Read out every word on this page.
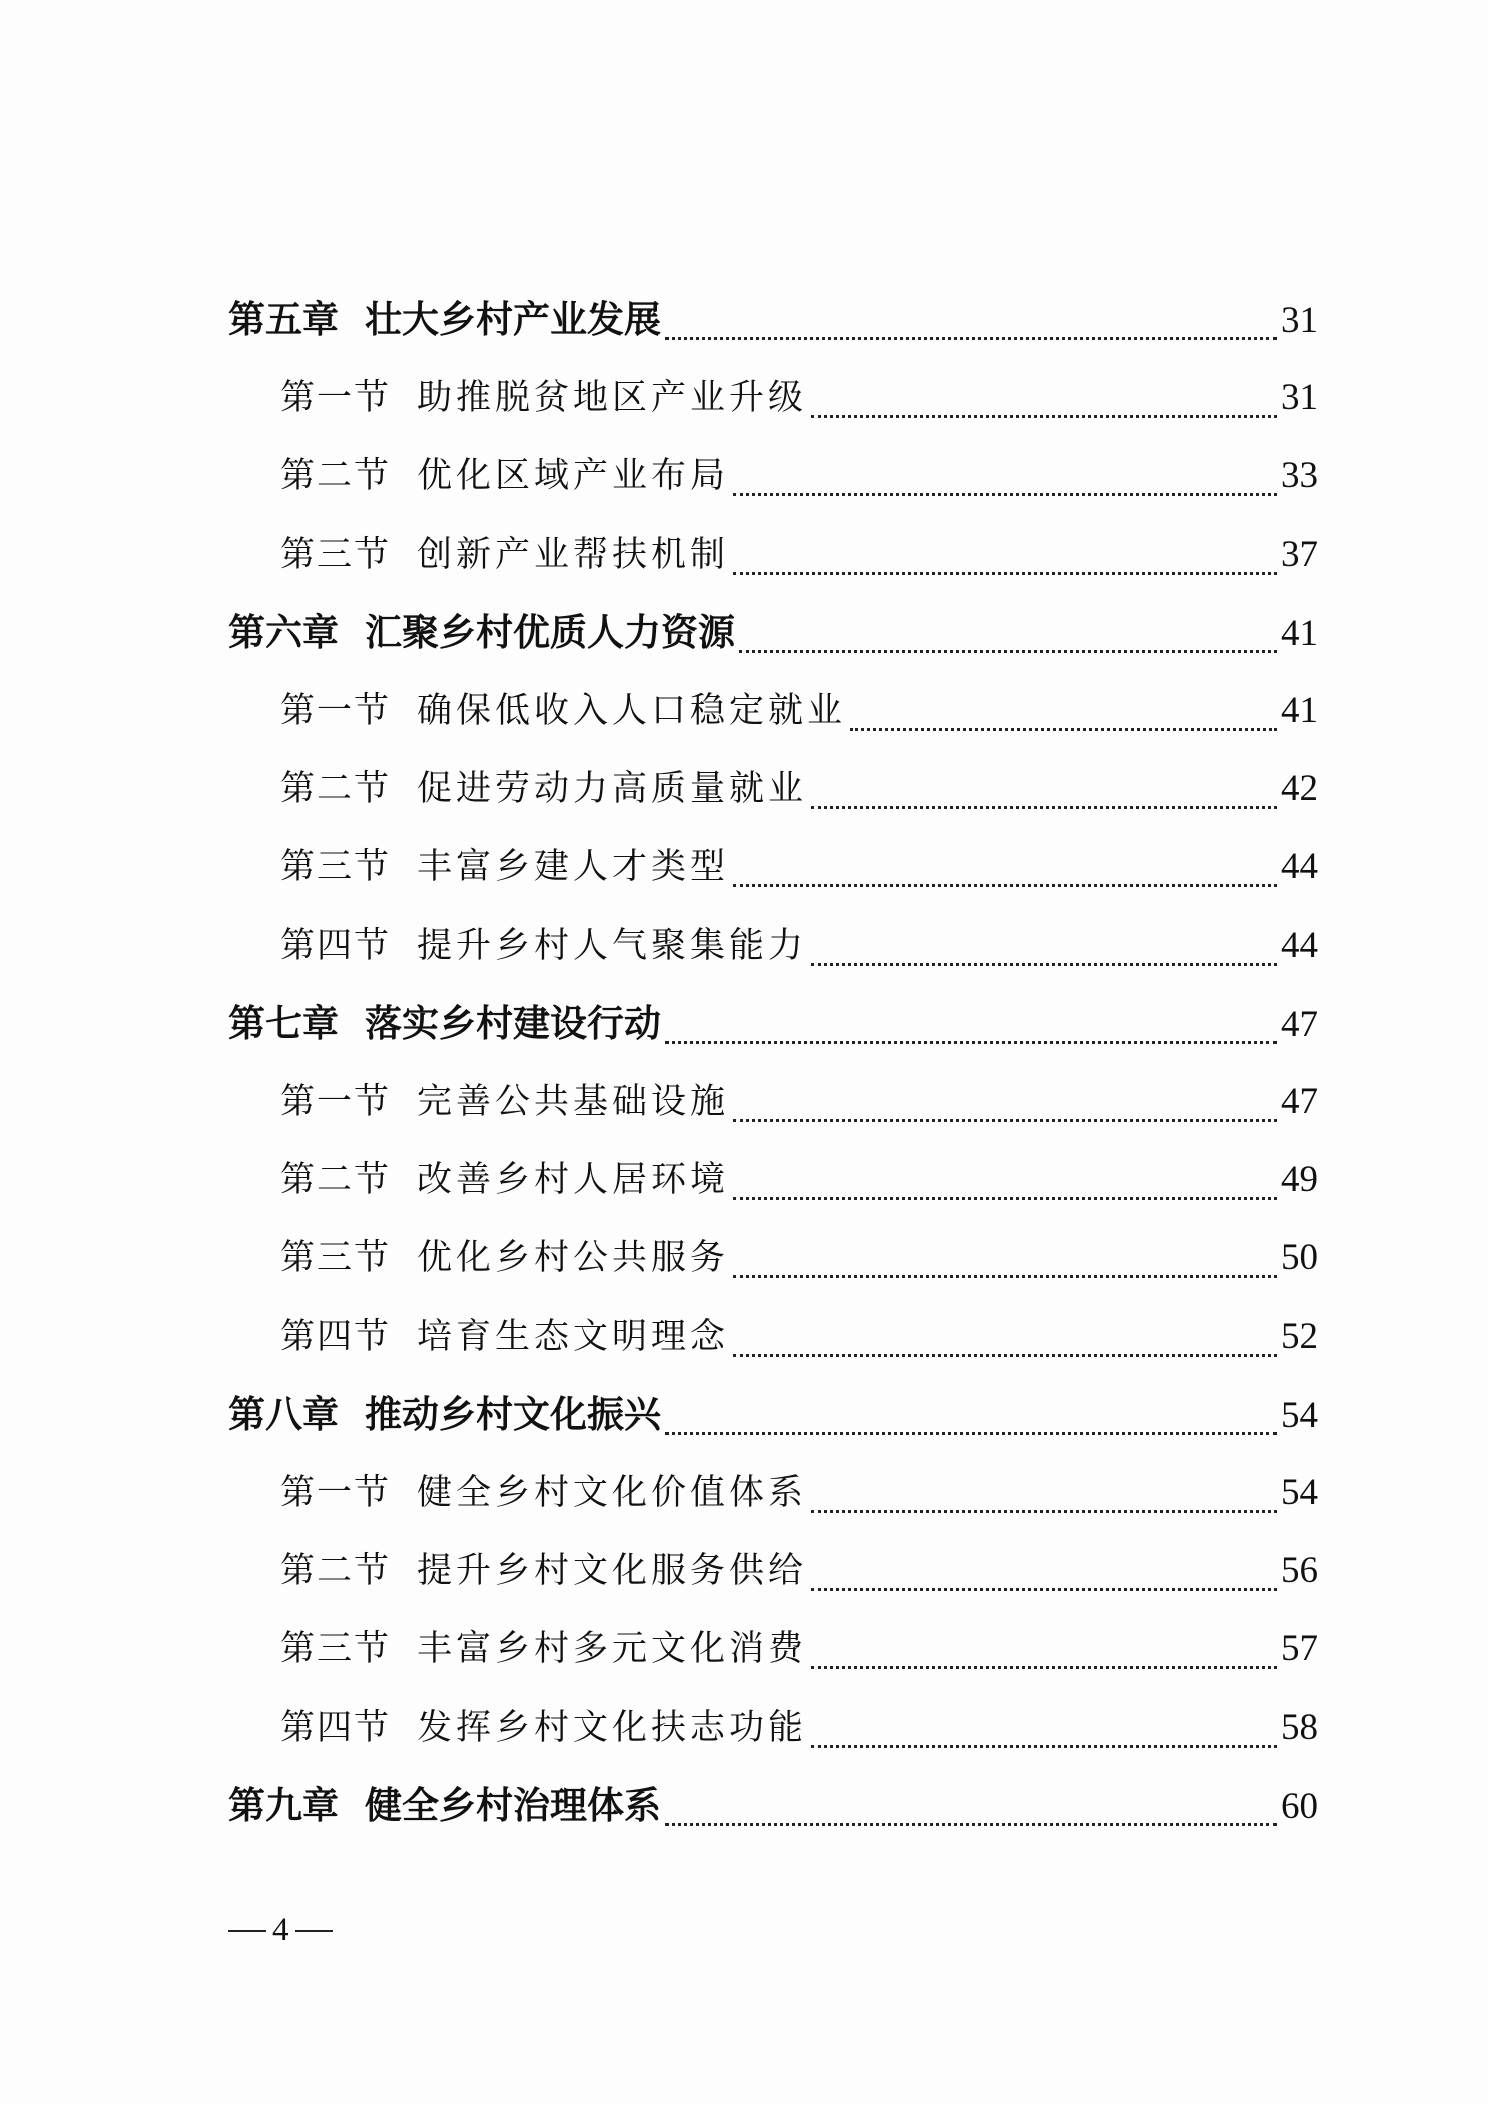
第五章 壮大乡村产业发展	31
第一节 助推脱贫地区产业升级	31
第二节 优化区域产业布局	33
第三节 创新产业帮扶机制	37
第六章 汇聚乡村优质人力资源	41
第一节 确保低收入人口稳定就业	41
第二节 促进劳动力高质量就业	42
第三节 丰富乡建人才类型	44
第四节 提升乡村人气聚集能力	44
第七章 落实乡村建设行动	47
第一节 完善公共基础设施	47
第二节 改善乡村人居环境	49
第三节 优化乡村公共服务	50
第四节 培育生态文明理念	52
第八章 推动乡村文化振兴	54
第一节 健全乡村文化价值体系	54
第二节 提升乡村文化服务供给	56
第三节 丰富乡村多元文化消费	57
第四节 发挥乡村文化扶志功能	58
第九章 健全乡村治理体系	60
4
